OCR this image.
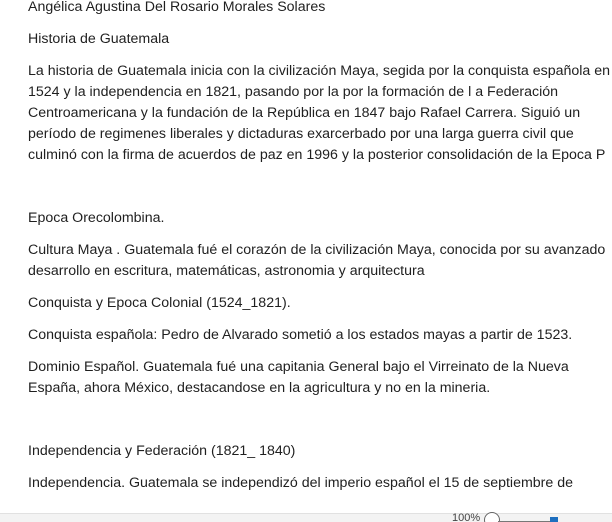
Angélica Agustina Del Rosario Morales Solares

Historia de Guatemala

La historia de Guatemala inicia con la civilización Maya, segida por la conquista española en
1524 y la independencia en 1821, pasando por la por la formación de l a Federación
Centroamericana y la fundación de la República en 1847 bajo Rafael Carrera. Siguió un
período de regimenes liberales y dictaduras exarcerbado por una larga guerra civil que
culminó con la firma de acuerdos de paz en 1996 y la posterior consolidación de la Epoca P

Epoca Orecolombina.

Cultura Maya . Guatemala fué el corazón de la civilización Maya, conocida por su avanzado
desarrollo en escritura, matemáticas, astronomia y arquitectura

Conquista y Epoca Colonial (1524_1821).

Conquista española: Pedro de Alvarado sometió a los estados mayas a partir de 1523.

Dominio Español. Guatemala fué una capitania General bajo el Virreinato de la Nueva
España, ahora México, destacandose en la agricultura y no en la mineria.

Independencia y Federación (1821_ 1840)

Independencia. Guatemala se independizó del imperio español el 15 de septiembre de

100%
